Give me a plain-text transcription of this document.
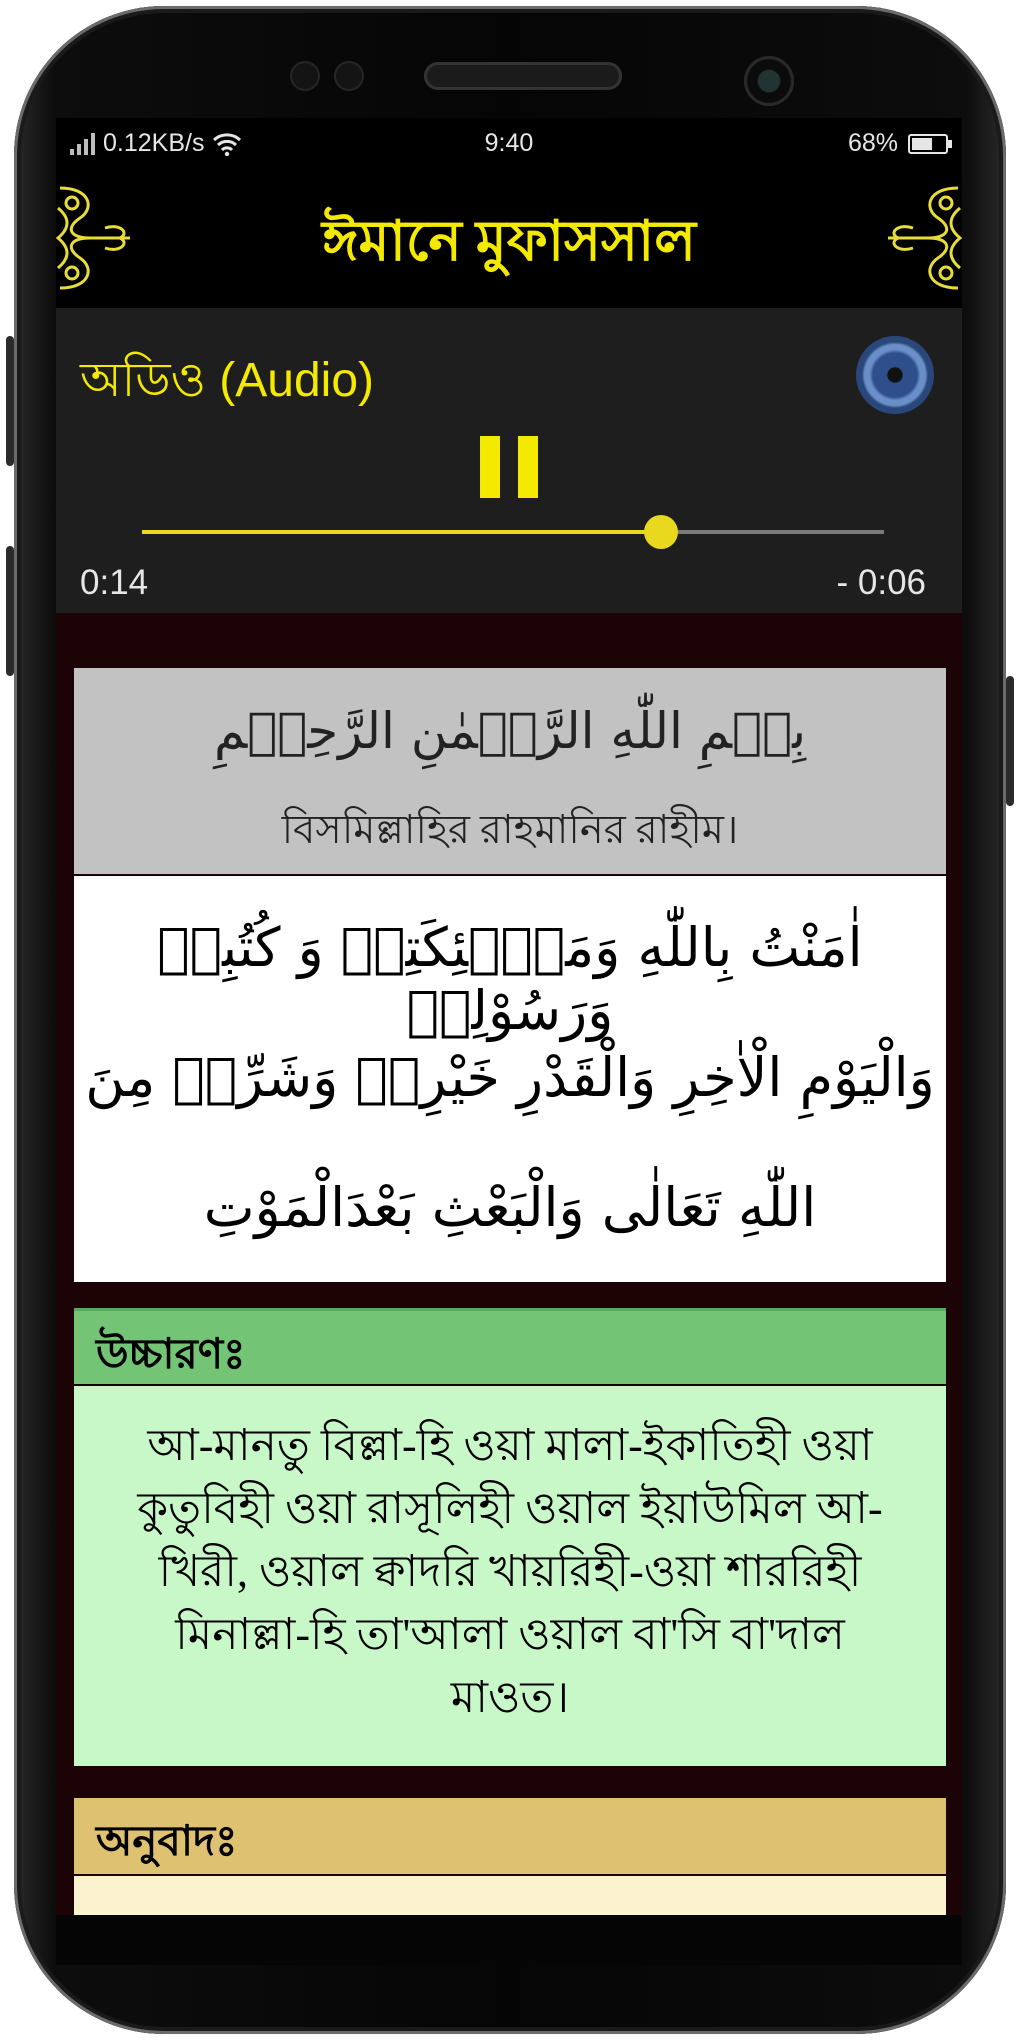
0.12KB/s	9:40	68%
ঈমানে মুফাসসাল
অডিও (Audio)
0:14	- 0:06
بِسۡمِ اللّٰهِ الرَّحۡمٰنِ الرَّحِيۡمِ
বিসমিল্লাহির রাহমানির রাহীম।
اٰمَنْتُ بِاللّٰهِ وَمَلٰۤئِكَتِهٖ وَ كُتُبِهٖ وَرَسُوْلِهٖ
وَالْيَوْمِ الْاٰخِرِ وَالْقَدْرِ خَيْرِهٖ وَشَرِّهٖ مِنَ
اللّٰهِ تَعَالٰى وَالْبَعْثِ بَعْدَالْمَوْتِ
উচ্চারণঃ
আ-মানতু বিল্লা-হি ওয়া মালা-ইকাতিহী ওয়া
কুতুবিহী ওয়া রাসূলিহী ওয়াল ইয়াউমিল আ-
খিরী, ওয়াল ক্বাদরি খায়রিহী-ওয়া শাররিহী
মিনাল্লা-হি তা'আলা ওয়াল বা'সি বা'দাল
মাওত।
অনুবাদঃ
